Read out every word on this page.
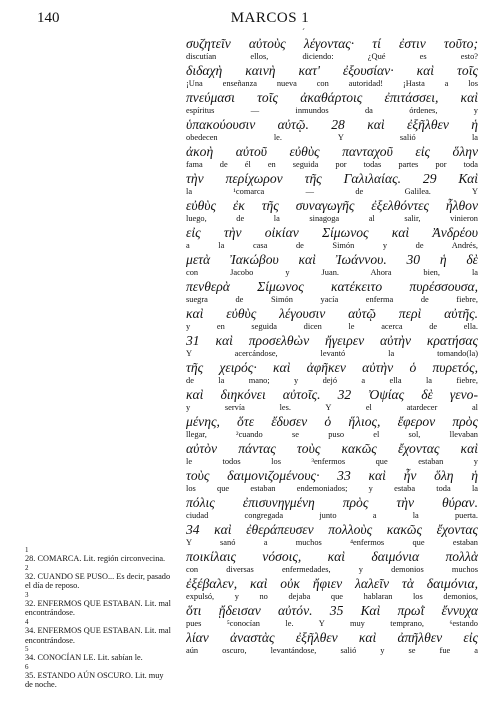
140	MARCOS 1
´
συζητεῖν αὐτοὺς λέγοντας· τί ἐστιν τοῦτο;
discutían ellos, diciendo: ¿Qué es esto?
διδαχὴ καινὴ κατ' ἐξουσίαν· καὶ τοῖς
¡Una enseñanza nueva con autoridad! ¡Hasta a los
πνεύμασι τοῖς ἀκαθάρτοις ἐπιτάσσει, καὶ
espíritus — inmundos da órdenes, y
ὑπακούουσιν αὐτῷ. 28 καὶ ἐξῆλθεν ἡ
obedecen le. Y salió la
ἀκοὴ αὐτοῦ εὐθὺς πανταχοῦ εἰς ὅλην
fama de él en seguida por todas partes por toda
τὴν περίχωρον τῆς Γαλιλαίας. 29 Καὶ
la ¹comarca — de Galilea. Y
εὐθὺς ἐκ τῆς συναγωγῆς ἐξελθόντες ἦλθον
luego, de la sinagoga al salir, vinieron
εἰς τὴν οἰκίαν Σίμωνος καὶ Ἀνδρέου
a la casa de Simón y de Andrés,
μετὰ Ἰακώβου καὶ Ἰωάννου. 30 ἡ δὲ
con Jacobo y Juan. Ahora bien, la
πενθερὰ Σίμωνος κατέκειτο πυρέσσουσα,
suegra de Simón yacía enferma de fiebre,
καὶ εὐθὺς λέγουσιν αὐτῷ περὶ αὐτῆς.
y en seguida dicen le acerca de ella.
31 καὶ προσελθὼν ἤγειρεν αὐτὴν κρατήσας
Y acercándose, levantó la tomando(la)
τῆς χειρός· καὶ ἀφῆκεν αὐτὴν ὁ πυρετός,
de la mano; y dejó a ella la fiebre,
καὶ διηκόνει αὐτοῖς. 32 Ὀψίας δὲ γενο-
y servía les. Y el atardecer al
μένης, ὅτε ἔδυσεν ὁ ἥλιος, ἔφερον πρὸς
llegar, ²cuando se puso el sol, llevaban
αὐτὸν πάντας τοὺς κακῶς ἔχοντας καὶ
le todos los ³enfermos que estaban y
τοὺς δαιμονιζομένους· 33 καὶ ἦν ὅλη ἡ
los que estaban endemoniados; y estaba toda la
πόλις ἐπισυνηγμένη πρὸς τὴν θύραν.
ciudad congregada junto a la puerta.
34 καὶ ἐθεράπευσεν πολλοὺς κακῶς ἔχοντας
Y sanó a muchos ⁴enfermos que estaban
ποικίλαις νόσοις, καὶ δαιμόνια πολλὰ
con diversas enfermedades, y demonios muchos
ἐξέβαλεν, καὶ οὐκ ἤφιεν λαλεῖν τὰ δαιμόνια,
expulsó, y no dejaba que hablaran los demonios,
ὅτι ᾔδεισαν αὐτόν. 35 Καὶ πρωῒ ἔννυχα
pues ⁵conocían le. Y muy temprano, ⁶estando
λίαν ἀναστὰς ἐξῆλθεν καὶ ἀπῆλθεν εἰς
aún oscuro, levantándose, salió y se fue a

1
28. COMARCA. Lit. región circonvecina.

2
32. CUANDO SE PUSO... Es decir, pasado el día de reposo.

3
32. ENFERMOS QUE ESTABAN. Lit. mal encontrándose.

4
34. ENFERMOS QUE ESTABAN. Lit. mal encontrándose.

5
34. CONOCÍAN LE. Lit. sabían le.

6
35. ESTANDO AÚN OSCURO. Lit. muy de noche.
